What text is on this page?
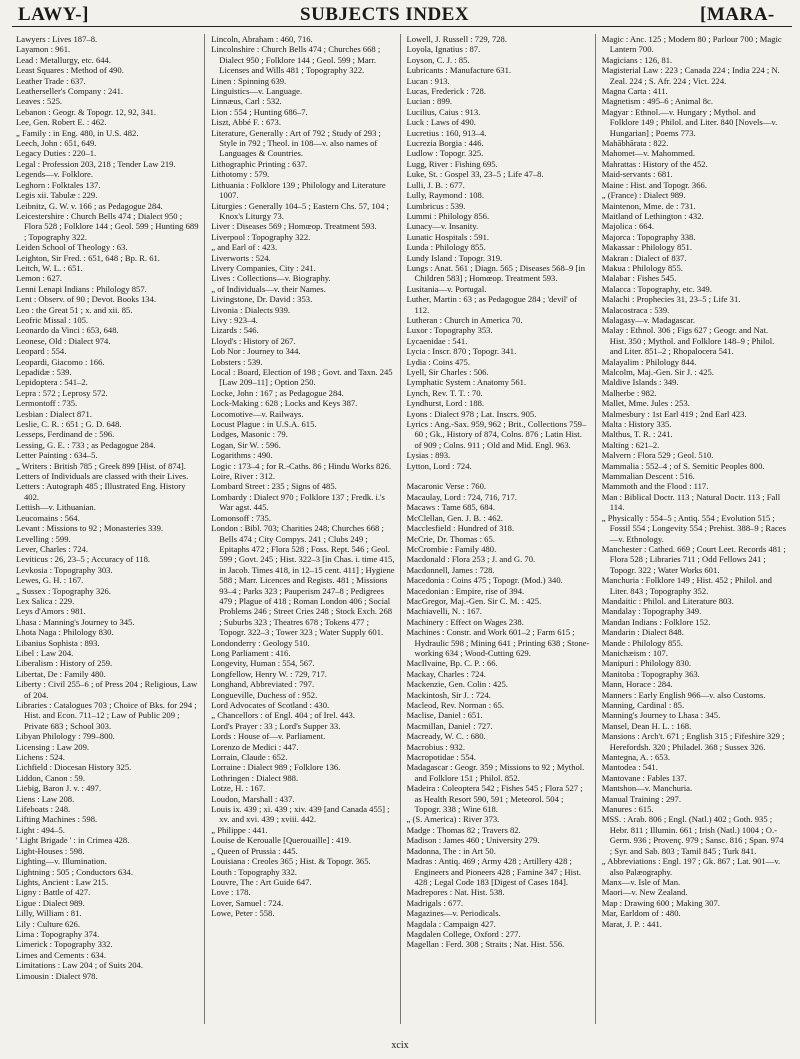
LAWY-]	SUBJECTS INDEX	[MARA-

Lawyers : Lives 187–8.

Layamon : 961.

Lead : Metallurgy, etc. 644.

Least Squares : Method of 490.

Leather Trade : 637.

Leatherseller's Company : 241.

Leaves : 525.

Lebanon : Geogr. & Topogr. 12, 92, 341.

Lee, Gen. Robert E. : 462.

„ Family : in Eng. 480, in U.S. 482.

Leech, John : 651, 649.

Legacy Duties : 220–1.

Legal : Profession 203, 218 ; Tender Law 219.

Legends—v. Folklore.

Leghorn : Folktales 137.

Legis xii. Tabulæ : 229.

Leibnitz, G. W. v. 166 ; as Pedagogue 284.

Leicestershire : Church Bells 474 ; Dialect 950 ; Flora 528 ; Folklore 144 ; Geol. 599 ; Hunting 689 ; Topography 322.

Leiden School of Theology : 63.

Leighton, Sir Fred. : 651, 648 ; Bp. R. 61.

Leitch, W. L. : 651.

Lemon : 627.

Lenni Lenapi Indians : Philology 857.

Lent : Observ. of 90 ; Devot. Books 134.

Leo : the Great 51 ; x. and xii. 85.

Leofric Missal : 105.

Leonardo da Vinci : 653, 648.

Leonese, Old : Dialect 974.

Leopard : 554.

Leopardi, Giacomo : 166.

Lepadidæ : 539.

Lepidoptera : 541–2.

Lepra : 572 ; Leprosy 572.

Lermontoff : 735.

Lesbian : Dialect 871.

Leslie, C. R. : 651 ; G. D. 648.

Lesseps, Ferdinand de : 596.

Lessing, G. E. : 733 ; as Pedagogue 284.

Letter Painting : 634–5.

„ Writers : British 785 ; Greek 899 [Hist. of 874].

Letters of Individuals are classed with their Lives.

Letters : Autograph 485 ; Illustrated Eng. History 402.

Lettish—v. Lithuanian.

Leucomains : 564.

Levant : Missions to 92 ; Monasteries 339.

Levelling : 599.

Lever, Charles : 724.

Leviticus : 26, 23–5 ; Accuracy of 118.

Levkosia : Topography 303.

Lewes, G. H. : 167.

„ Sussex : Topography 326.

Lex Salica : 229.

Leys d'Amors : 981.

Lhasa : Manning's Journey to 345.

Lhota Naga : Philology 830.

Libanius Sophista : 893.

Libel : Law 204.

Liberalism : History of 259.

Libertat, De : Family 480.

Liberty : Civil 255–6 ; of Press 204 ; Religious, Law of 204.

Libraries : Catalogues 703 ; Choice of Bks. for 294 ; Hist. and Econ. 711–12 ; Law of Public 209 ; Private 683 ; School 303.

Libyan Philology : 799–800.

Licensing : Law 209.

Lichens : 524.

Lichfield : Diocesan History 325.

Liddon, Canon : 59.

Liebig, Baron J. v. : 497.

Liens : Law 208.

Lifeboats : 248.

Lifting Machines : 598.

Light : 494–5.

' Light Brigade ' : in Crimea 428.

Light-Houses : 598.

Lighting—v. Illumination.

Lightning : 505 ; Conductors 634.

Lights, Ancient : Law 215.

Ligny : Battle of 427.

Ligue : Dialect 989.

Lilly, William : 81.

Lily : Culture 626.

Lima : Topography 374.

Limerick : Topography 332.

Limes and Cements : 634.

Limitations : Law 204 ; of Suits 204.

Limousin : Dialect 978.

Lincoln, Abraham : 460, 716.

Lincolnshire : Church Bells 474 ; Churches 668 ; Dialect 950 ; Folklore 144 ; Geol. 599 ; Marr. Licenses and Wills 481 ; Topography 322.

Linen : Spinning 639.

Linguistics—v. Language.

Linnæus, Carl : 532.

Lion : 554 ; Hunting 686–7.

Liszt, Abbé F. : 673.

Literature, Generally : Art of 792 ; Study of 293 ; Style in 792 ; Theol. in 108—v. also names of Languages & Countries.

Lithographic Printing : 637.

Lithotomy : 579.

Lithuania : Folklore 139 ; Philology and Literature 1007.

Liturgies : Generally 104–5 ; Eastern Chs. 57, 104 ; Knox's Liturgy 73.

Liver : Diseases 569 ; Homœop. Treatment 593.

Liverpool : Topography 322.

„ and Earl of : 423.

Liverworts : 524.

Livery Companies, City : 241.

Lives : Collections—v. Biography.

„ of Individuals—v. their Names.

Livingstone, Dr. David : 353.

Livonia : Dialects 939.

Livy : 923–4.

Lizards : 546.

Lloyd's : History of 267.

Lob Nor : Journey to 344.

Lobsters : 539.

Local : Board, Election of 198 ; Govt. and Taxn. 245 [Law 209–11] ; Option 250.

Locke, John : 167 ; as Pedagogue 284.

Lock-Making : 628 ; Locks and Keys 387.

Locomotive—v. Railways.

Locust Plague : in U.S.A. 615.

Lodges, Masonic : 79.

Logan, Sir W. : 596.

Logarithms : 490.

Logic : 173–4 ; for R.-Caths. 86 ; Hindu Works 826.

Loire, River : 312.

Lombard Street : 235 ; Signs of 485.

Lombardy : Dialect 970 ; Folklore 137 ; Fredk. i.'s War agst. 445.

Lomonsoff : 735.

London : Bibl. 703; Charities 248; Churches 668 ; Bells 474 ; City Compys. 241 ; Clubs 249 ; Epitaphs 472 ; Flora 528 ; Foss. Rept. 546 ; Geol. 599 ; Govt. 245 ; Hist. 322–3 [in Chas. i. time 415, in Jacob. Times 418, in 12–15 cent. 411] ; Hygiene 588 ; Marr. Licences and Regists. 481 ; Missions 93–4 ; Parks 323 ; Pauperism 247–8 ; Pedigrees 479 ; Plague of 418 ; Roman London 406 ; Social Problems 246 ; Street Cries 248 ; Stock Exch. 268 ; Suburbs 323 ; Theatres 678 ; Tokens 477 ; Topogr. 322–3 ; Tower 323 ; Water Supply 601.

Londonderry : Geology 510.

Long Parliament : 416.

Longevity, Human : 554, 567.

Longfellow, Henry W. : 729, 717.

Longhand, Abbreviated : 797.

Longueville, Duchess of : 952.

Lord Advocates of Scotland : 430.

„ Chancellors : of Engl. 404 ; of Irel. 443.

Lord's Prayer : 33 ; Lord's Supper 33.

Lords : House of—v. Parliament.

Lorenzo de Medici : 447.

Lorrain, Claude : 652.

Lorraine : Dialect 989 ; Folklore 136.

Lothringen : Dialect 988.

Lotze, H. : 167.

Loudon, Marshall : 437.

Louis ix. 439 ; xi. 439 ; xiv. 439 [and Canada 455] ; xv. and xvi. 439 ; xviii. 442.

„ Philippe : 441.

Louise de Keroualle [Querouaille] : 419.

„ Queen of Prussia : 445.

Louisiana : Creoles 365 ; Hist. & Topogr. 365.

Louth : Topography 332.

Louvre, The : Art Guide 647.

Love : 178.

Lover, Samuel : 724.

Lowe, Peter : 558.

Lowell, J. Russell : 729, 728.

Loyola, Ignatius : 87.

Loyson, C. J. : 85.

Lubricants : Manufacture 631.

Lucan : 913.

Lucas, Frederick : 728.

Lucian : 899.

Lucilius, Caius : 913.

Luck : Laws of 490.

Lucretius : 160, 913–4.

Lucrezia Borgia : 446.

Ludlow : Topogr. 325.

Lugg, River : Fishing 695.

Luke, St. : Gospel 33, 23–5 ; Life 47–8.

Lulli, J. B. : 677.

Lully, Raymond : 108.

Lumbricus : 539.

Lummi : Philology 856.

Lunacy—v. Insanity.

Lunatic Hospitals : 591.

Lunda : Philology 855.

Lundy Island : Topogr. 319.

Lungs : Anat. 561 ; Diagn. 565 ; Diseases 568–9 [in Children 583] ; Homœop. Treatment 593.

Lusitania—v. Portugal.

Luther, Martin : 63 ; as Pedagogue 284 ; 'devil' of 112.

Lutheran : Church in America 70.

Luxor : Topography 353.

Lycaenidae : 541.

Lycia : Inscr. 870 ; Topogr. 341.

Lydia : Coins 475.

Lyell, Sir Charles : 506.

Lymphatic System : Anatomy 561.

Lynch, Rev. T. T. : 70.

Lyndhurst, Lord : 188.

Lyons : Dialect 978 ; Lat. Inscrs. 905.

Lyrics : Ang.-Sax. 959, 962 ; Brit., Collections 759–60 ; Gk., History of 874, Colns. 876 ; Latin Hist. of 909 ; Colns. 911 ; Old and Mid. Engl. 963.

Lysias : 893.

Lytton, Lord : 724.

Macaronic Verse : 760.

Macaulay, Lord : 724, 716, 717.

Macaws : Tame 685, 684.

McClellan, Gen. J. B. : 462.

Macclesfield : Hundred of 318.

McCrie, Dr. Thomas : 65.

McCrombie : Family 480.

Macdonald : Flora 253 ; J. and G. 70.

Macdonnell, James : 728.

Macedonia : Coins 475 ; Topogr. (Mod.) 340.

Macedonian : Empire, rise of 394.

MacGregor, Maj.-Gen. Sir C. M. : 425.

Machiavelli, N. : 167.

Machinery : Effect on Wages 238.

Machines : Constr. and Work 601–2 ; Farm 615 ; Hydraulic 598 ; Mining 641 ; Printing 638 ; Stone-working 634 ; Wood-Cutting 629.

MacIlvaine, Bp. C. P. : 66.

Mackay, Charles : 724.

Mackenzie, Gen. Colin : 425.

Mackintosh, Sir J. : 724.

Macleod, Rev. Norman : 65.

Maclise, Daniel : 651.

Macmillan, Daniel : 727.

Macready, W. C. : 680.

Macrobius : 932.

Macropotidae : 554.

Madagascar : Geogr. 359 ; Missions to 92 ; Mythol. and Folklore 151 ; Philol. 852.

Madeira : Coleoptera 542 ; Fishes 545 ; Flora 527 ; as Health Resort 590, 591 ; Meteorol. 504 ; Topogr. 338 ; Wine 618.

„ (S. America) : River 373.

Madge : Thomas 82 ; Travers 82.

Madison : James 460 ; University 279.

Madonna, The : in Art 50.

Madras : Antiq. 469 ; Army 428 ; Artillery 428 ; Engineers and Pioneers 428 ; Famine 347 ; Hist. 428 ; Legal Code 183 [Digest of Cases 184].

Madrepores : Nat. Hist. 538.

Madrigals : 677.

Magazines—v. Periodicals.

Magdala : Campaign 427.

Magdalen College, Oxford : 277.

Magellan : Ferd. 308 ; Straits ; Nat. Hist. 556.

Magic : Anc. 125 ; Modern 80 ; Parlour 700 ; Magic Lantern 700.

Magicians : 126, 81.

Magisterial Law : 223 ; Canada 224 ; India 224 ; N. Zeal. 224 ; S. Afr. 224 ; Vict. 224.

Magna Carta : 411.

Magnetism : 495–6 ; Animal 8c.

Magyar : Ethnol.—v. Hungary ; Mythol. and Folklore 149 ; Philol. and Liter. 840 [Novels—v. Hungarian] ; Poems 773.

Mahābhārata : 822.

Mahomet—v. Mahommed.

Mahrattas : History of the 452.

Maid-servants : 681.

Maine : Hist. and Topogr. 366.

„ (France) : Dialect 989.

Maintenon, Mme. de : 731.

Maitland of Lethington : 432.

Majolica : 664.

Majorca : Topography 338.

Makassar : Philology 851.

Makran : Dialect of 837.

Makua : Philology 855.

Malabar : Fishes 545.

Malacca : Topography, etc. 349.

Malachi : Prophecies 31, 23–5 ; Life 31.

Malacostraca : 539.

Malagasy—v. Madagascar.

Malay : Ethnol. 306 ; Figs 627 ; Geogr. and Nat. Hist. 350 ; Mythol. and Folklore 148–9 ; Philol. and Liter. 851–2 ; Rhopalocera 541.

Malayalim : Philology 844.

Malcolm, Maj.-Gen. Sir J. : 425.

Maldive Islands : 349.

Malherbe : 982.

Mallet, Mme. Jules : 253.

Malmesbury : 1st Earl 419 ; 2nd Earl 423.

Malta : History 335.

Malthus, T. R. : 241.

Malting : 621–2.

Malvern : Flora 529 ; Geol. 510.

Mammalia : 552–4 ; of S. Semitic Peoples 800.

Mammalian Descent : 516.

Mammoth and the Flood : 117.

Man : Biblical Doctr. 113 ; Natural Doctr. 113 ; Fall 114.

„ Physically : 554–5 ; Antiq. 554 ; Evolution 515 ; Fossil 554 ; Longevity 554 ; Prehist. 388–9 ; Races—v. Ethnology.

Manchester : Cathed. 669 ; Court Leet. Records 481 ; Flora 528 ; Libraries 711 ; Odd Fellows 241 ; Topogr. 322 ; Water Works 601.

Manchuria : Folklore 149 ; Hist. 452 ; Philol. and Liter. 843 ; Topography 352.

Mandaitic : Philol. and Literature 803.

Mandalay : Topography 349.

Mandan Indians : Folklore 152.

Mandarin : Dialect 848.

Mande : Philology 855.

Manichæism : 107.

Manipuri : Philology 830.

Manitoba : Topography 363.

Mann, Horace : 284.

Manners : Early English 966—v. also Customs.

Manning, Cardinal : 85.

Manning's Journey to Lhasa : 345.

Mansel, Dean H. L. : 168.

Mansions : Arch't. 671 ; English 315 ; Fifeshire 329 ; Herefordsh. 320 ; Philadel. 368 ; Sussex 326.

Mantegna, A. : 653.

Mantodea : 541.

Mantovane : Fables 137.

Mantshon—v. Manchuria.

Manual Training : 297.

Manures : 615.

MSS. : Arab. 806 ; Engl. (Natl.) 402 ; Goth. 935 ; Hebr. 811 ; Illumin. 661 ; Irish (Natl.) 1004 ; O.-Germ. 936 ; Provenç. 979 ; Sansc. 816 ; Span. 974 ; Syr. and Sab. 803 ; Tamil 845 ; Turk 841.

„ Abbreviations : Engl. 197 ; Gk. 867 ; Lat. 901—v. also Palæography.

Manx—v. Isle of Man.

Maori—v. New Zealand.

Map : Drawing 600 ; Making 307.

Mar, Earldom of : 480.

Marat, J. P. : 441.

xcix
